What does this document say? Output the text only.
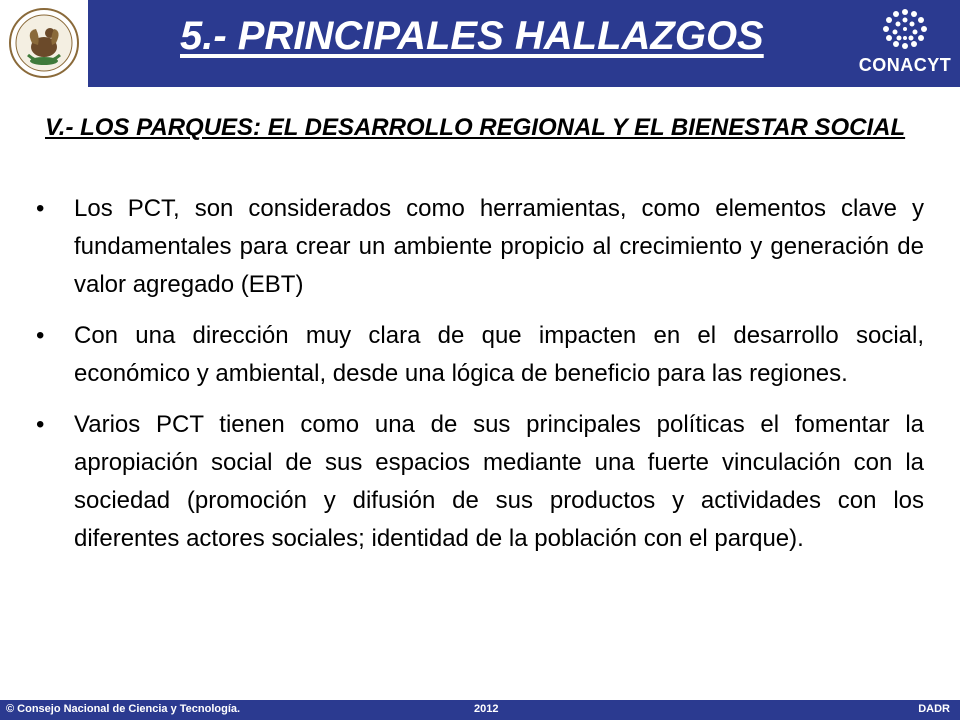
5.- PRINCIPALES HALLAZGOS
CONACYT
V.- LOS PARQUES: EL DESARROLLO REGIONAL Y EL BIENESTAR SOCIAL
• Los PCT, son considerados como herramientas, como elementos clave y fundamentales para crear un ambiente propicio al crecimiento y generación de valor agregado (EBT)
• Con una dirección muy clara de que impacten en el desarrollo social, económico y ambiental, desde una lógica de beneficio para las regiones.
• Varios PCT tienen como una de sus principales políticas el fomentar la apropiación social de sus espacios mediante una fuerte vinculación con la sociedad (promoción y difusión de sus productos y actividades con los diferentes actores sociales; identidad de la población con el parque).
© Consejo Nacional de Ciencia y Tecnología.	2012	DADR
